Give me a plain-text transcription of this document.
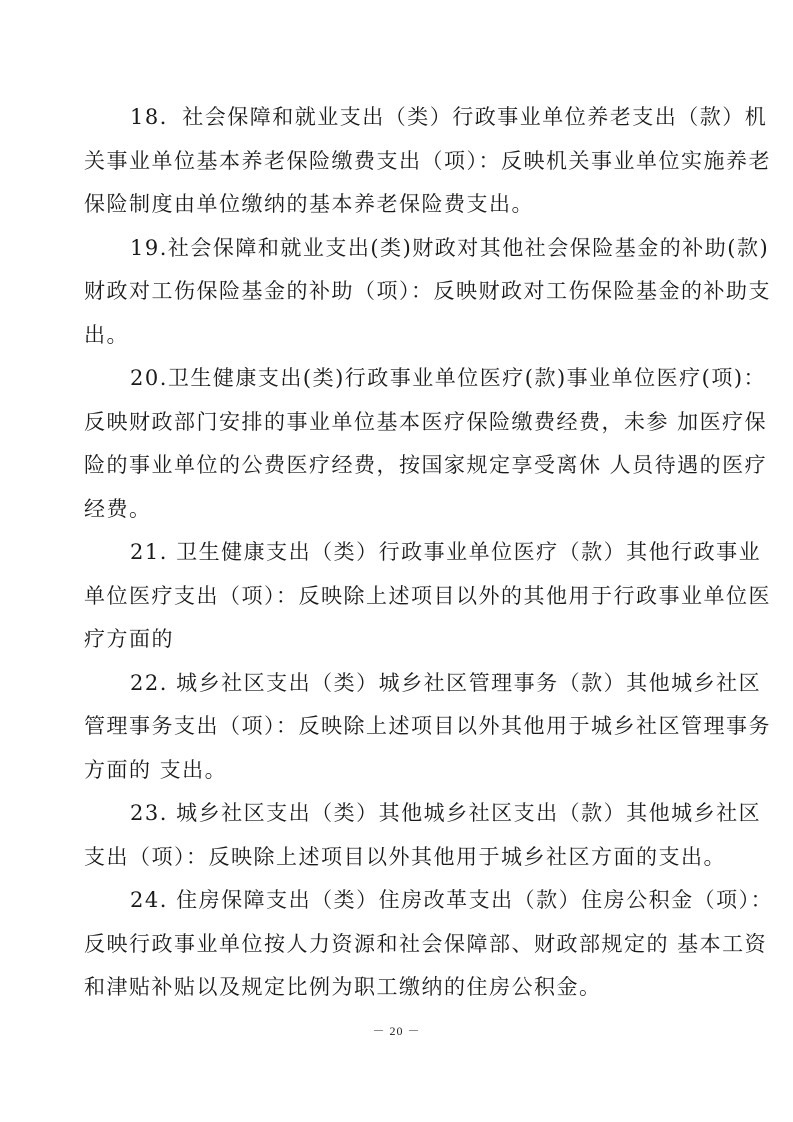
18．社会保障和就业支出（类）行政事业单位养老支出（款）机关事业单位基本养老保险缴费支出（项）：反映机关事业单位实施养老保险制度由单位缴纳的基本养老保险费支出。

19.社会保障和就业支出(类)财政对其他社会保险基金的补助(款)财政对工伤保险基金的补助（项）：反映财政对工伤保险基金的补助支出。

20.卫生健康支出(类)行政事业单位医疗(款)事业单位医疗(项)：反映财政部门安排的事业单位基本医疗保险缴费经费，未参 加医疗保险的事业单位的公费医疗经费，按国家规定享受离休 人员待遇的医疗经费。

21. 卫生健康支出（类）行政事业单位医疗（款）其他行政事业单位医疗支出（项）：反映除上述项目以外的其他用于行政事业单位医疗方面的

22. 城乡社区支出（类）城乡社区管理事务（款）其他城乡社区管理事务支出（项）：反映除上述项目以外其他用于城乡社区管理事务方面的 支出。

23. 城乡社区支出（类）其他城乡社区支出（款）其他城乡社区支出（项）：反映除上述项目以外其他用于城乡社区方面的支出。

24. 住房保障支出（类）住房改革支出（款）住房公积金（项）：反映行政事业单位按人力资源和社会保障部、财政部规定的 基本工资和津贴补贴以及规定比例为职工缴纳的住房公积金。

－ 20 －
